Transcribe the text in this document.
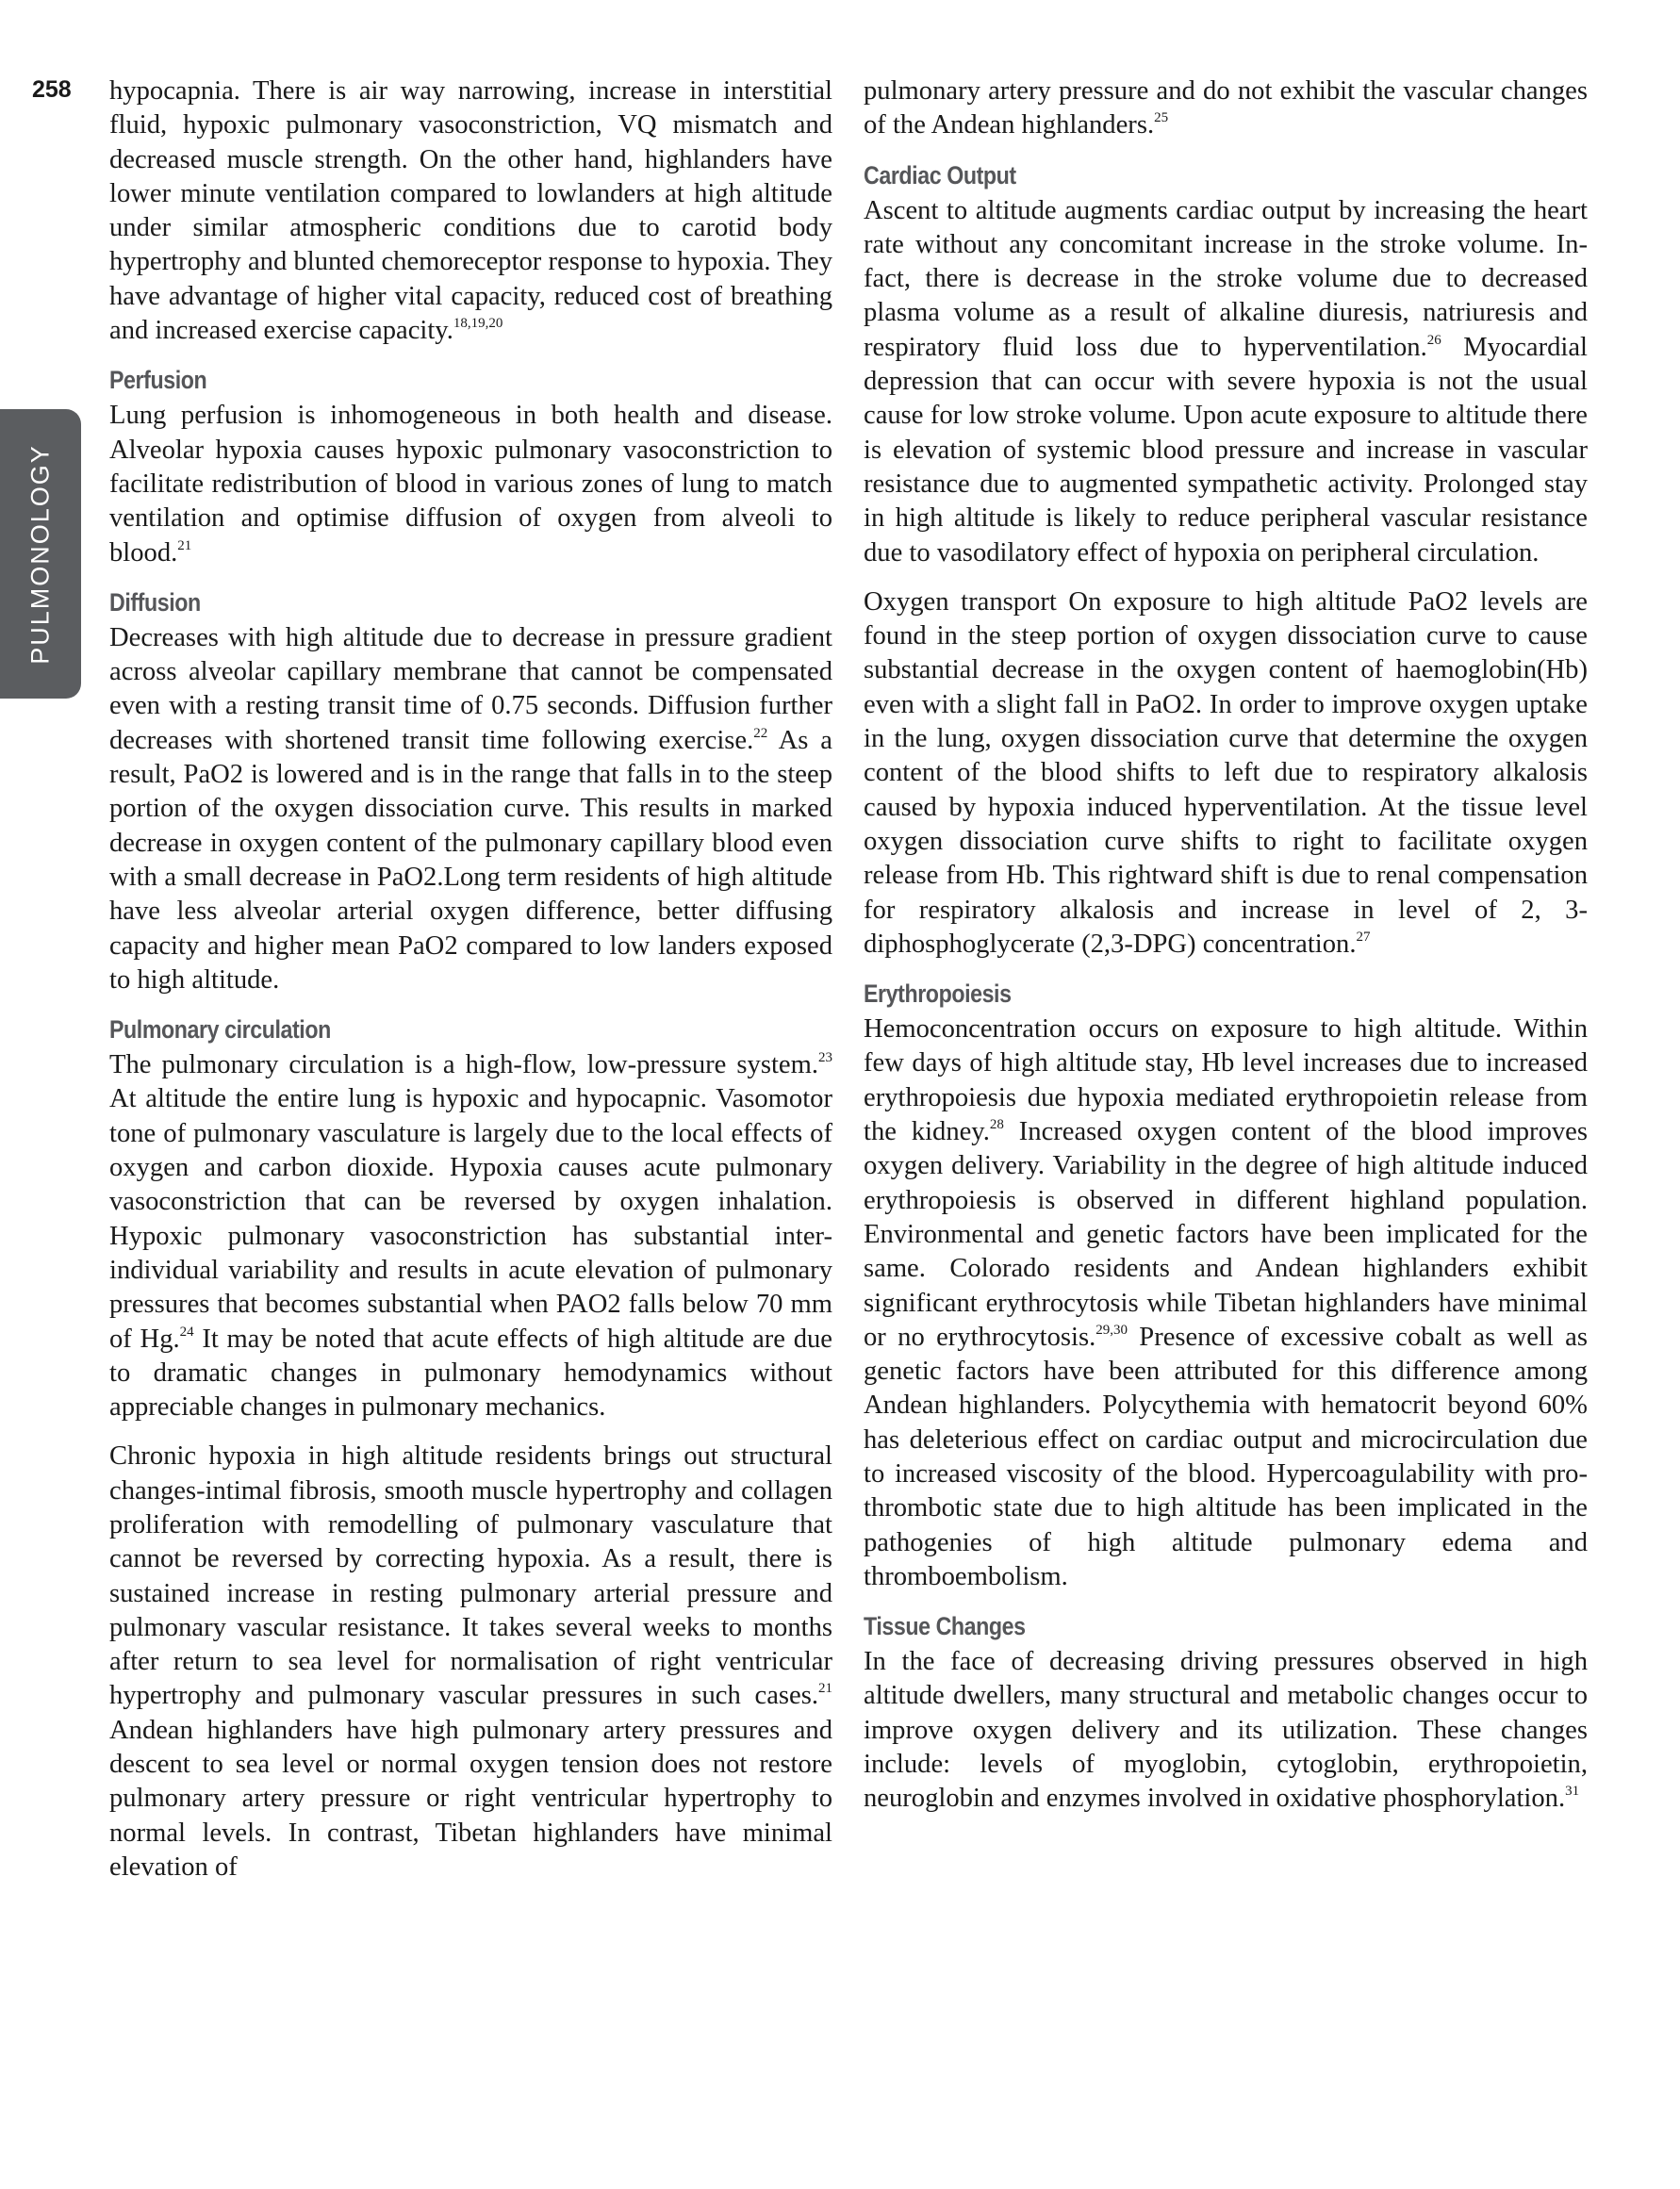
258
PULMONOLOGY

hypocapnia. There is air way narrowing, increase in interstitial fluid, hypoxic pulmonary vasoconstriction, VQ mismatch and decreased muscle strength. On the other hand, highlanders have lower minute ventilation compared to lowlanders at high altitude under similar atmospheric conditions due to carotid body hypertrophy and blunted chemoreceptor response to hypoxia. They have advantage of higher vital capacity, reduced cost of breathing and increased exercise capacity.$^{18,19,20}$

Perfusion

Lung perfusion is inhomogeneous in both health and disease. Alveolar hypoxia causes hypoxic pulmonary vasoconstriction to facilitate redistribution of blood in various zones of lung to match ventilation and optimise diffusion of oxygen from alveoli to blood.$^{21}$

Diffusion

Decreases with high altitude due to decrease in pressure gradient across alveolar capillary membrane that cannot be compensated even with a resting transit time of 0.75 seconds. Diffusion further decreases with shortened transit time following exercise.$^{22}$ As a result, PaO2 is lowered and is in the range that falls in to the steep portion of the oxygen dissociation curve. This results in marked decrease in oxygen content of the pulmonary capillary blood even with a small decrease in PaO2.Long term residents of high altitude have less alveolar arterial oxygen difference, better diffusing capacity and higher mean PaO2 compared to low landers exposed to high altitude.

Pulmonary circulation

The pulmonary circulation is a high-flow, low-pressure system.$^{23}$ At altitude the entire lung is hypoxic and hypocapnic. Vasomotor tone of pulmonary vasculature is largely due to the local effects of oxygen and carbon dioxide. Hypoxia causes acute pulmonary vasoconstriction that can be reversed by oxygen inhalation. Hypoxic pulmonary vasoconstriction has substantial inter-individual variability and results in acute elevation of pulmonary pressures that becomes substantial when PAO2 falls below 70 mm of Hg.$^{24}$ It may be noted that acute effects of high altitude are due to dramatic changes in pulmonary hemodynamics without appreciable changes in pulmonary mechanics.

Chronic hypoxia in high altitude residents brings out structural changes-intimal fibrosis, smooth muscle hypertrophy and collagen proliferation with remodelling of pulmonary vasculature that cannot be reversed by correcting hypoxia. As a result, there is sustained increase in resting pulmonary arterial pressure and pulmonary vascular resistance. It takes several weeks to months after return to sea level for normalisation of right ventricular hypertrophy and pulmonary vascular pressures in such cases.$^{21}$ Andean highlanders have high pulmonary artery pressures and descent to sea level or normal oxygen tension does not restore pulmonary artery pressure or right ventricular hypertrophy to normal levels. In contrast, Tibetan highlanders have minimal elevation of

pulmonary artery pressure and do not exhibit the vascular changes of the Andean highlanders.$^{25}$

Cardiac Output

Ascent to altitude augments cardiac output by increasing the heart rate without any concomitant increase in the stroke volume. In-fact, there is decrease in the stroke volume due to decreased plasma volume as a result of alkaline diuresis, natriuresis and respiratory fluid loss due to hyperventilation.$^{26}$ Myocardial depression that can occur with severe hypoxia is not the usual cause for low stroke volume. Upon acute exposure to altitude there is elevation of systemic blood pressure and increase in vascular resistance due to augmented sympathetic activity. Prolonged stay in high altitude is likely to reduce peripheral vascular resistance due to vasodilatory effect of hypoxia on peripheral circulation.

Oxygen transport On exposure to high altitude PaO2 levels are found in the steep portion of oxygen dissociation curve to cause substantial decrease in the oxygen content of haemoglobin(Hb) even with a slight fall in PaO2. In order to improve oxygen uptake in the lung, oxygen dissociation curve that determine the oxygen content of the blood shifts to left due to respiratory alkalosis caused by hypoxia induced hyperventilation. At the tissue level oxygen dissociation curve shifts to right to facilitate oxygen release from Hb. This rightward shift is due to renal compensation for respiratory alkalosis and increase in level of 2, 3-diphosphoglycerate (2,3-DPG) concentration.$^{27}$

Erythropoiesis

Hemoconcentration occurs on exposure to high altitude. Within few days of high altitude stay, Hb level increases due to increased erythropoiesis due hypoxia mediated erythropoietin release from the kidney.$^{28}$ Increased oxygen content of the blood improves oxygen delivery. Variability in the degree of high altitude induced erythropoiesis is observed in different highland population. Environmental and genetic factors have been implicated for the same. Colorado residents and Andean highlanders exhibit significant erythrocytosis while Tibetan highlanders have minimal or no erythrocytosis.$^{29,30}$ Presence of excessive cobalt as well as genetic factors have been attributed for this difference among Andean highlanders. Polycythemia with hematocrit beyond 60% has deleterious effect on cardiac output and microcirculation due to increased viscosity of the blood. Hypercoagulability with pro-thrombotic state due to high altitude has been implicated in the pathogenies of high altitude pulmonary edema and thromboembolism.

Tissue Changes

In the face of decreasing driving pressures observed in high altitude dwellers, many structural and metabolic changes occur to improve oxygen delivery and its utilization. These changes include: levels of myoglobin, cytoglobin, erythropoietin, neuroglobin and enzymes involved in oxidative phosphorylation.$^{31}$
